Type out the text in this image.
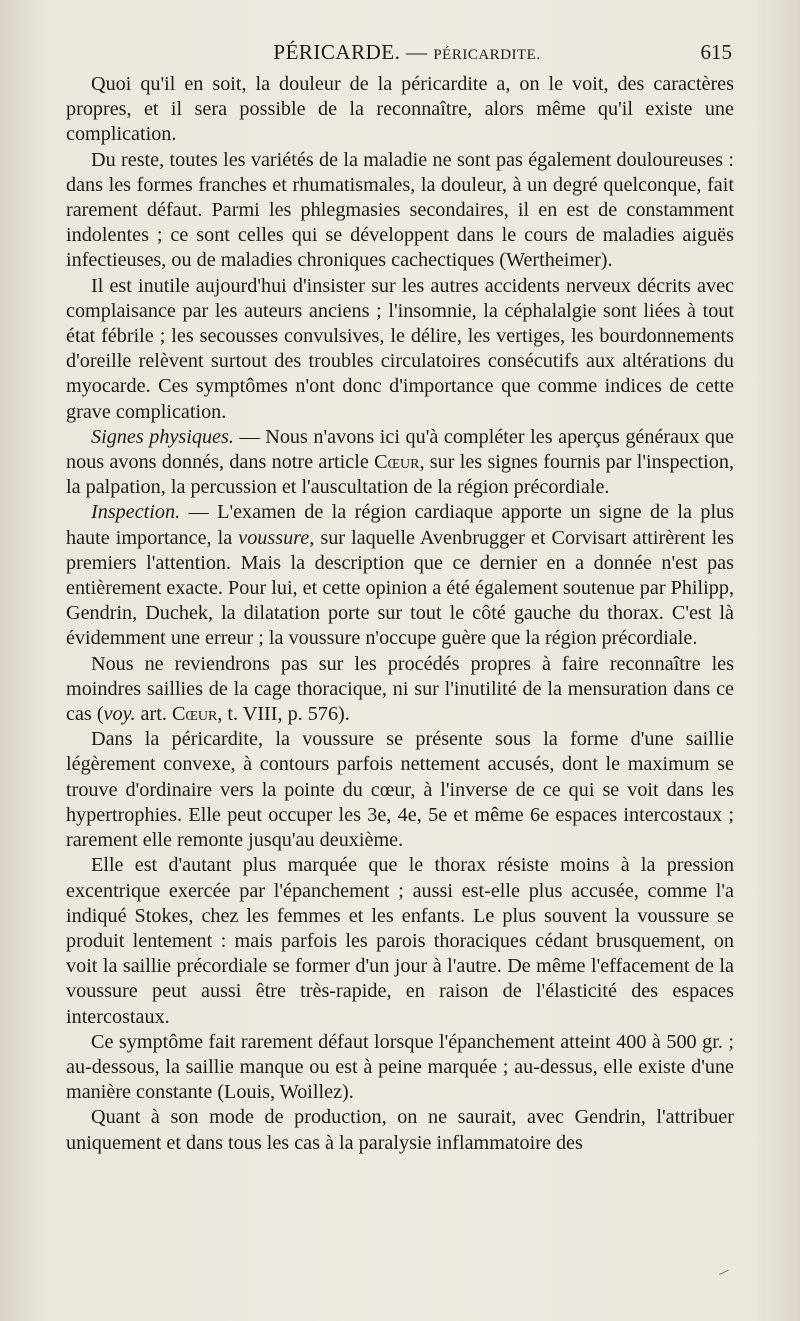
PÉRICARDE. — PÉRICARDITE.	615

Quoi qu'il en soit, la douleur de la péricardite a, on le voit, des caractères propres, et il sera possible de la reconnaître, alors même qu'il existe une complication.

Du reste, toutes les variétés de la maladie ne sont pas également douloureuses : dans les formes franches et rhumatismales, la douleur, à un degré quelconque, fait rarement défaut. Parmi les phlegmasies secondaires, il en est de constamment indolentes ; ce sont celles qui se développent dans le cours de maladies aiguës infectieuses, ou de maladies chroniques cachectiques (Wertheimer).

Il est inutile aujourd'hui d'insister sur les autres accidents nerveux décrits avec complaisance par les auteurs anciens ; l'insomnie, la céphalalgie sont liées à tout état fébrile ; les secousses convulsives, le délire, les vertiges, les bourdonnements d'oreille relèvent surtout des troubles circulatoires consécutifs aux altérations du myocarde. Ces symptômes n'ont donc d'importance que comme indices de cette grave complication.

Signes physiques. — Nous n'avons ici qu'à compléter les aperçus généraux que nous avons donnés, dans notre article Cœur, sur les signes fournis par l'inspection, la palpation, la percussion et l'auscultation de la région précordiale.

Inspection. — L'examen de la région cardiaque apporte un signe de la plus haute importance, la voussure, sur laquelle Avenbrugger et Corvisart attirèrent les premiers l'attention. Mais la description que ce dernier en a donnée n'est pas entièrement exacte. Pour lui, et cette opinion a été également soutenue par Philipp, Gendrin, Duchek, la dilatation porte sur tout le côté gauche du thorax. C'est là évidemment une erreur ; la voussure n'occupe guère que la région précordiale.

Nous ne reviendrons pas sur les procédés propres à faire reconnaître les moindres saillies de la cage thoracique, ni sur l'inutilité de la mensuration dans ce cas (voy. art. Cœur, t. VIII, p. 576).

Dans la péricardite, la voussure se présente sous la forme d'une saillie légèrement convexe, à contours parfois nettement accusés, dont le maximum se trouve d'ordinaire vers la pointe du cœur, à l'inverse de ce qui se voit dans les hypertrophies. Elle peut occuper les 3e, 4e, 5e et même 6e espaces intercostaux ; rarement elle remonte jusqu'au deuxième.

Elle est d'autant plus marquée que le thorax résiste moins à la pression excentrique exercée par l'épanchement ; aussi est-elle plus accusée, comme l'a indiqué Stokes, chez les femmes et les enfants. Le plus souvent la voussure se produit lentement : mais parfois les parois thoraciques cédant brusquement, on voit la saillie précordiale se former d'un jour à l'autre. De même l'effacement de la voussure peut aussi être très-rapide, en raison de l'élasticité des espaces intercostaux.

Ce symptôme fait rarement défaut lorsque l'épanchement atteint 400 à 500 gr. ; au-dessous, la saillie manque ou est à peine marquée ; au-dessus, elle existe d'une manière constante (Louis, Woillez).

Quant à son mode de production, on ne saurait, avec Gendrin, l'attribuer uniquement et dans tous les cas à la paralysie inflammatoire des
